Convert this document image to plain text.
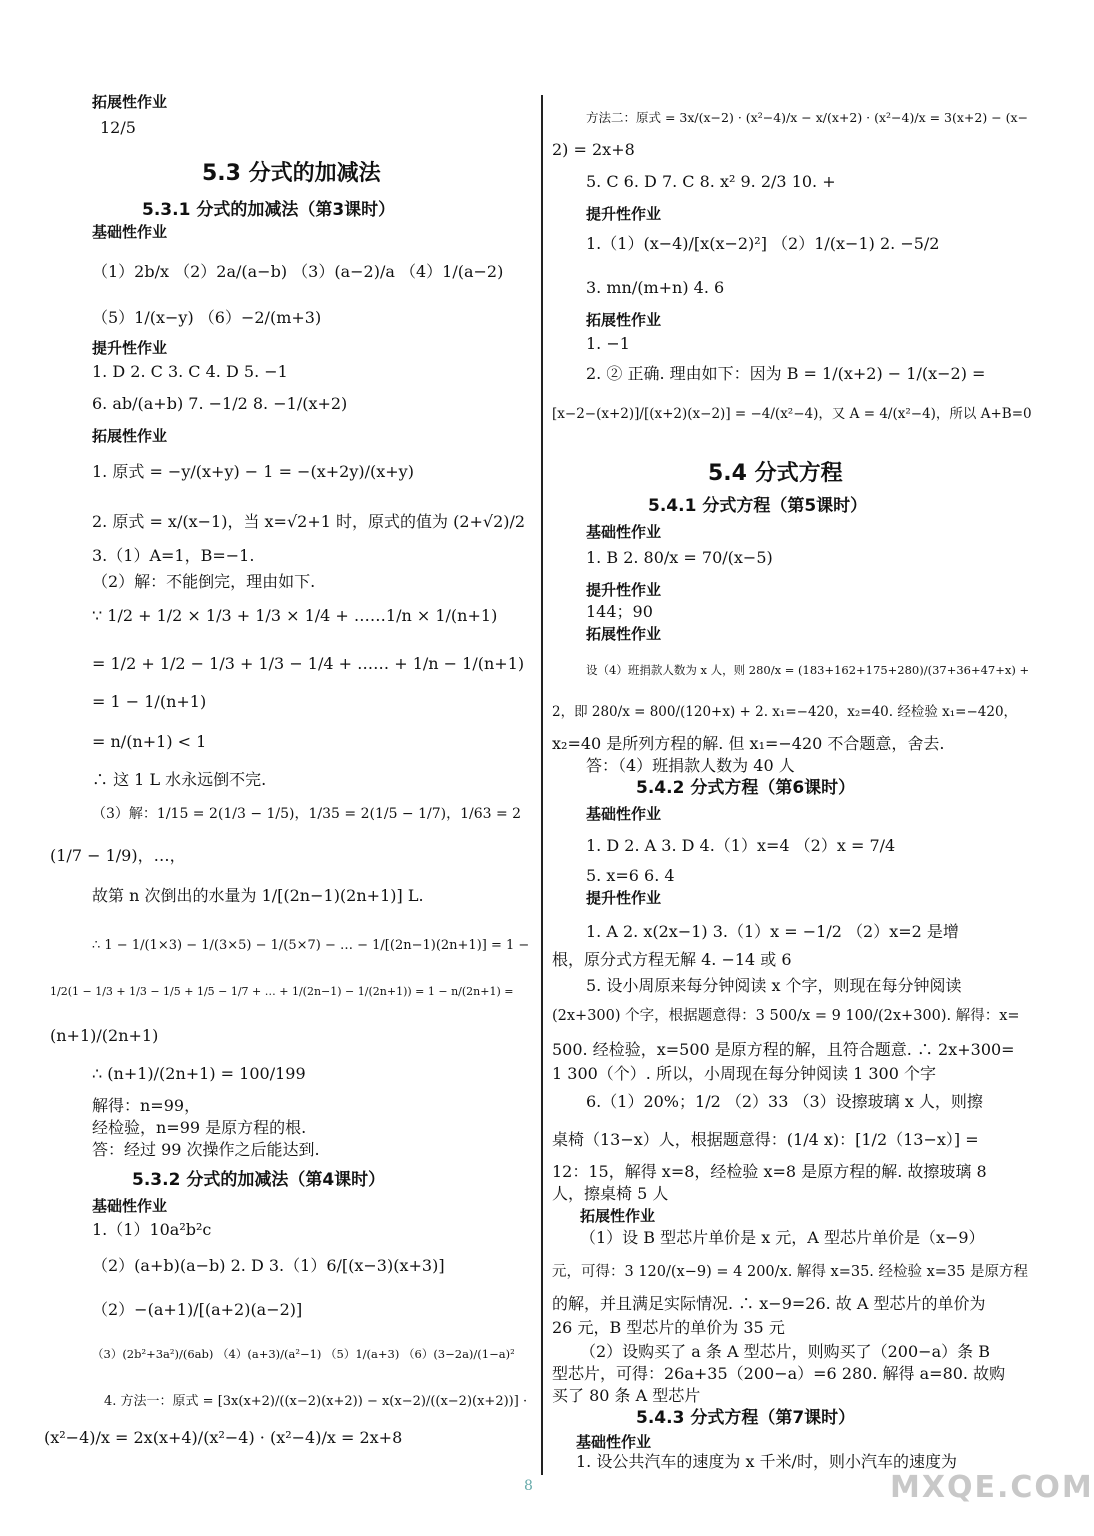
拓展性作业
12/5
5.3 分式的加减法
5.3.1 分式的加减法（第3课时）
基础性作业
（1）2b/x （2）2a/(a−b) （3）(a−2)/a （4）1/(a−2)
（5）1/(x−y) （6）−2/(m+3)
提升性作业
1. D 2. C 3. C 4. D 5. −1
6. ab/(a+b) 7. −1/2 8. −1/(x+2)
拓展性作业
1. 原式 = −y/(x+y) − 1 = −(x+2y)/(x+y)
2. 原式 = x/(x−1)，当 x=√2+1 时，原式的值为 (2+√2)/2
3.（1）A=1，B=−1.
（2）解：不能倒完，理由如下.
∵ 1/2 + 1/2 × 1/3 + 1/3 × 1/4 + ……1/n × 1/(n+1)
= 1/2 + 1/2 − 1/3 + 1/3 − 1/4 + …… + 1/n − 1/(n+1)
= 1 − 1/(n+1)
= n/(n+1) < 1
∴ 这 1 L 水永远倒不完.
（3）解：1/15 = 2(1/3 − 1/5)，1/35 = 2(1/5 − 1/7)，1/63 = 2
(1/7 − 1/9)，…，
故第 n 次倒出的水量为 1/[(2n−1)(2n+1)] L.
∴ 1 − 1/(1×3) − 1/(3×5) − 1/(5×7) − … − 1/[(2n−1)(2n+1)] = 1 −
1/2(1 − 1/3 + 1/3 − 1/5 + 1/5 − 1/7 + … + 1/(2n−1) − 1/(2n+1)) = 1 − n/(2n+1) =
(n+1)/(2n+1)
∴ (n+1)/(2n+1) = 100/199
解得：n=99，
经检验，n=99 是原方程的根.
答：经过 99 次操作之后能达到.
5.3.2 分式的加减法（第4课时）
基础性作业
1.（1）10a²b²c
（2）(a+b)(a−b) 2. D 3.（1）6/[(x−3)(x+3)]
（2）−(a+1)/[(a+2)(a−2)]
（3）(2b²+3a²)/(6ab) （4）(a+3)/(a²−1) （5）1/(a+3) （6）(3−2a)/(1−a)²
4. 方法一：原式 = [3x(x+2)/((x−2)(x+2)) − x(x−2)/((x−2)(x+2))] ·
(x²−4)/x = 2x(x+4)/(x²−4) · (x²−4)/x = 2x+8
方法二：原式 = 3x/(x−2) · (x²−4)/x − x/(x+2) · (x²−4)/x = 3(x+2) − (x−
2) = 2x+8
5. C 6. D 7. C 8. x² 9. 2/3 10. +
提升性作业
1.（1）(x−4)/[x(x−2)²] （2）1/(x−1) 2. −5/2
3. mn/(m+n) 4. 6
拓展性作业
1. −1
2. ② 正确. 理由如下：因为 B = 1/(x+2) − 1/(x−2) =
[x−2−(x+2)]/[(x+2)(x−2)] = −4/(x²−4)，又 A = 4/(x²−4)，所以 A+B=0
5.4 分式方程
5.4.1 分式方程（第5课时）
基础性作业
1. B 2. 80/x = 70/(x−5)
提升性作业
144；90
拓展性作业
设（4）班捐款人数为 x 人，则 280/x = (183+162+175+280)/(37+36+47+x) +
2，即 280/x = 800/(120+x) + 2. x₁=−420，x₂=40. 经检验 x₁=−420，
x₂=40 是所列方程的解. 但 x₁=−420 不合题意，舍去.
答：（4）班捐款人数为 40 人
5.4.2 分式方程（第6课时）
基础性作业
1. D 2. A 3. D 4.（1）x=4 （2）x = 7/4
5. x=6 6. 4
提升性作业
1. A 2. x(2x−1) 3.（1）x = −1/2 （2）x=2 是增
根，原分式方程无解 4. −14 或 6
5. 设小周原来每分钟阅读 x 个字，则现在每分钟阅读
(2x+300) 个字，根据题意得：3 500/x = 9 100/(2x+300). 解得：x=
500. 经检验，x=500 是原方程的解，且符合题意. ∴ 2x+300=
1 300（个）. 所以，小周现在每分钟阅读 1 300 个字
6.（1）20%；1/2 （2）33 （3）设擦玻璃 x 人，则擦
桌椅（13−x）人，根据题意得：(1/4 x)：[1/2（13−x）] =
12：15，解得 x=8，经检验 x=8 是原方程的解. 故擦玻璃 8
人，擦桌椅 5 人
拓展性作业
（1）设 B 型芯片单价是 x 元，A 型芯片单价是（x−9）
元，可得：3 120/(x−9) = 4 200/x. 解得 x=35. 经检验 x=35 是原方程
的解，并且满足实际情况. ∴ x−9=26. 故 A 型芯片的单价为
26 元，B 型芯片的单价为 35 元
（2）设购买了 a 条 A 型芯片，则购买了（200−a）条 B
型芯片，可得：26a+35（200−a）=6 280. 解得 a=80. 故购
买了 80 条 A 型芯片
5.4.3 分式方程（第7课时）
基础性作业
1. 设公共汽车的速度为 x 千米/时，则小汽车的速度为
8	MXQE.COM
